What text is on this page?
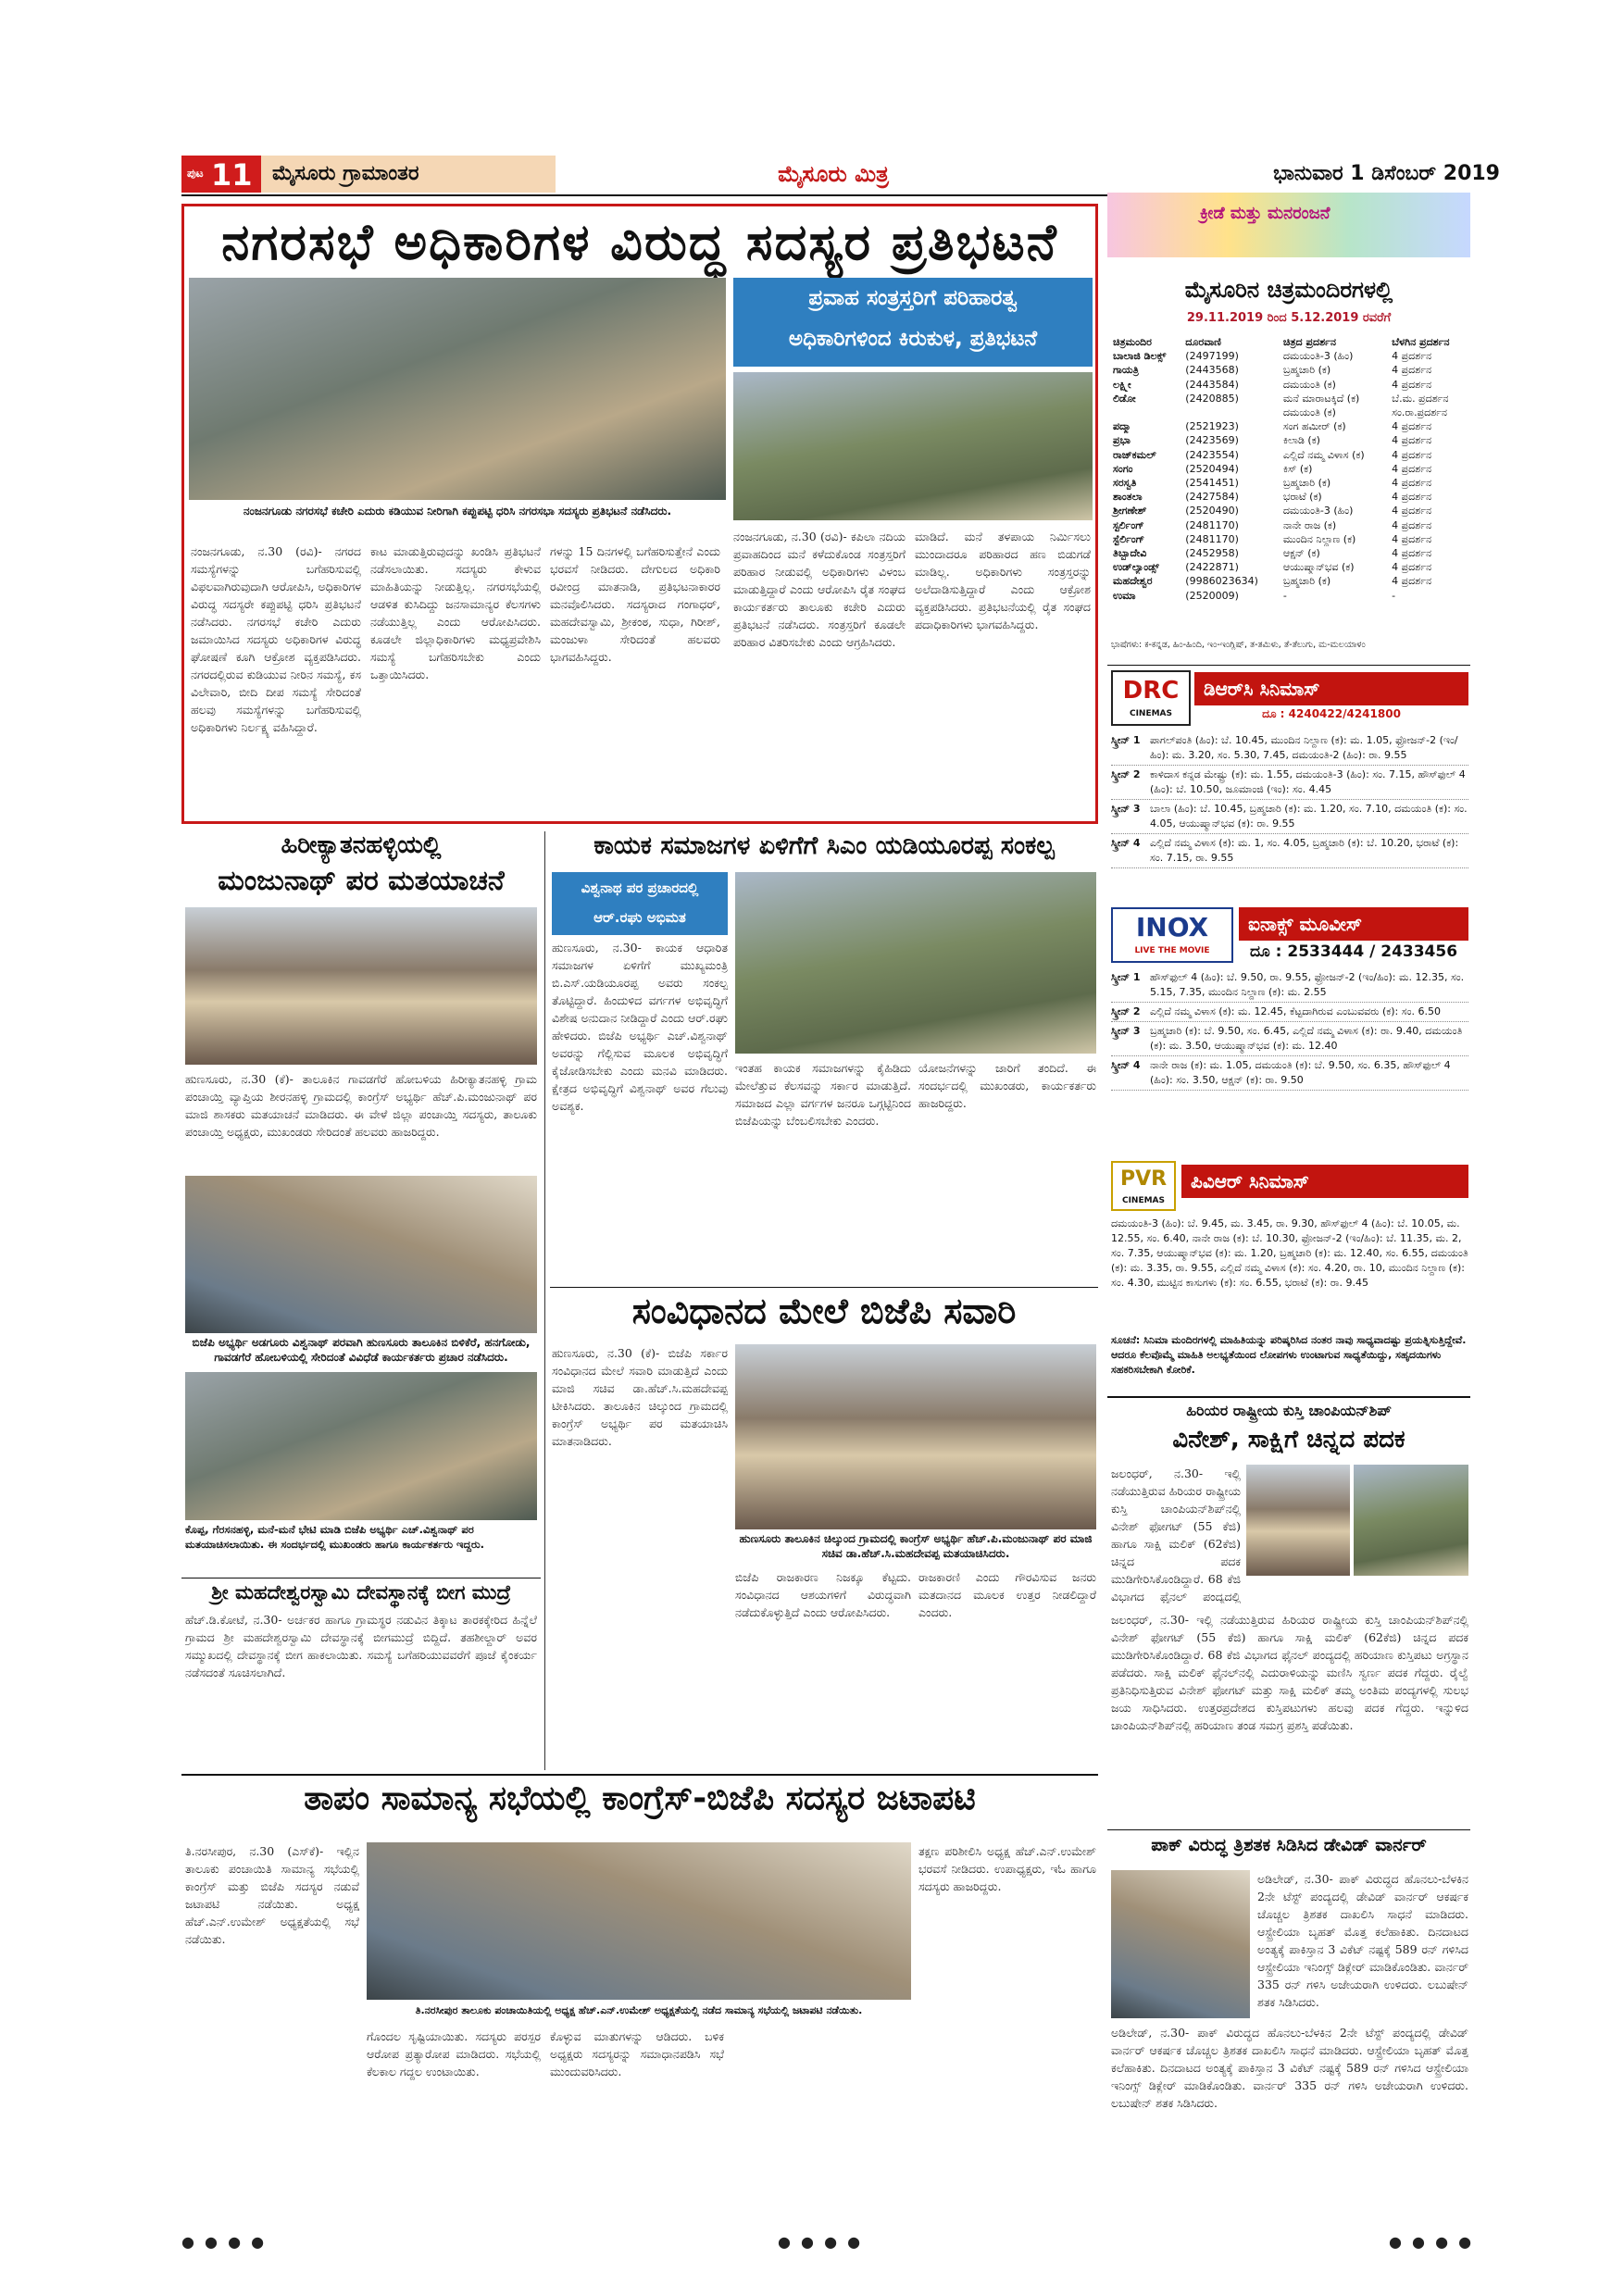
ಪುಟ 11 ಮೈಸೂರು ಗ್ರಾಮಾಂತರ	ಮೈಸೂರು ಮಿತ್ರ	ಭಾನುವಾರ 1 ಡಿಸೆಂಬರ್ 2019
ನಗರಸಭೆ ಅಧಿಕಾರಿಗಳ ವಿರುದ್ಧ ಸದಸ್ಯರ ಪ್ರತಿಭಟನೆ
ನಂಜನಗೂಡು ನಗರಸಭೆ ಕಚೇರಿ ಎದುರು ಕಡಿಯುವ ನೀರಿಗಾಗಿ ಕಪ್ಪುಪಟ್ಟಿ ಧರಿಸಿ ನಗರಸಭಾ ಸದಸ್ಯರು ಪ್ರತಿಭಟನೆ ನಡೆಸಿದರು.
ಪ್ರವಾಹ ಸಂತ್ರಸ್ತರಿಗೆ ಪರಿಹಾರತ್ವ
ಅಧಿಕಾರಿಗಳಿಂದ ಕಿರುಕುಳ, ಪ್ರತಿಭಟನೆ
ನಂಜನಗೂಡು, ನ.30 (ರವಿ)- ನಗರದ ಸಮಸ್ಯೆಗಳನ್ನು ಬಗೆಹರಿಸುವಲ್ಲಿ ವಿಫಲವಾಗಿರುವುದಾಗಿ ಆರೋಪಿಸಿ, ಅಧಿಕಾರಿಗಳ ವಿರುದ್ಧ ಸದಸ್ಯರೇ ಕಪ್ಪುಪಟ್ಟಿ ಧರಿಸಿ ಪ್ರತಿಭಟನೆ ನಡೆಸಿದರು. ನಗರಸಭೆ ಕಚೇರಿ ಎದುರು ಜಮಾಯಿಸಿದ ಸದಸ್ಯರು ಅಧಿಕಾರಿಗಳ ವಿರುದ್ಧ ಘೋಷಣೆ ಕೂಗಿ ಆಕ್ರೋಶ ವ್ಯಕ್ತಪಡಿಸಿದರು. ನಗರದಲ್ಲಿರುವ ಕುಡಿಯುವ ನೀರಿನ ಸಮಸ್ಯೆ, ಕಸ ವಿಲೇವಾರಿ, ಬೀದಿ ದೀಪ ಸಮಸ್ಯೆ ಸೇರಿದಂತೆ ಹಲವು ಸಮಸ್ಯೆಗಳನ್ನು ಬಗೆಹರಿಸುವಲ್ಲಿ ಅಧಿಕಾರಿಗಳು ನಿರ್ಲಕ್ಷ್ಯ ವಹಿಸಿದ್ದಾರೆ.
ಕಾಟ ಮಾಡುತ್ತಿರುವುದನ್ನು ಖಂಡಿಸಿ ಪ್ರತಿಭಟನೆ ನಡೆಸಲಾಯಿತು. ಸದಸ್ಯರು ಕೇಳುವ ಮಾಹಿತಿಯನ್ನು ನೀಡುತ್ತಿಲ್ಲ. ನಗರಸಭೆಯಲ್ಲಿ ಆಡಳಿತ ಕುಸಿದಿದ್ದು ಜನಸಾಮಾನ್ಯರ ಕೆಲಸಗಳು ನಡೆಯುತ್ತಿಲ್ಲ ಎಂದು ಆರೋಪಿಸಿದರು. ಕೂಡಲೇ ಜಿಲ್ಲಾಧಿಕಾರಿಗಳು ಮಧ್ಯಪ್ರವೇಶಿಸಿ ಸಮಸ್ಯೆ ಬಗೆಹರಿಸಬೇಕು ಎಂದು ಒತ್ತಾಯಿಸಿದರು.
ಗಳನ್ನು 15 ದಿನಗಳಲ್ಲಿ ಬಗೆಹರಿಸುತ್ತೇನೆ ಎಂದು ಭರವಸೆ ನೀಡಿದರು. ದೇಗುಲದ ಅಧಿಕಾರಿ ರವೀಂದ್ರ ಮಾತನಾಡಿ, ಪ್ರತಿಭಟನಾಕಾರರ ಮನವೊಲಿಸಿದರು. ಸದಸ್ಯರಾದ ಗಂಗಾಧರ್, ಮಹದೇವಸ್ವಾಮಿ, ಶ್ರೀಕಂಠ, ಸುಧಾ, ಗಿರೀಶ್, ಮಂಜುಳಾ ಸೇರಿದಂತೆ ಹಲವರು ಭಾಗವಹಿಸಿದ್ದರು.
ನಂಜನಗೂಡು, ನ.30 (ರವಿ)- ಕಪಿಲಾ ನದಿಯ ಪ್ರವಾಹದಿಂದ ಮನೆ ಕಳೆದುಕೊಂಡ ಸಂತ್ರಸ್ತರಿಗೆ ಪರಿಹಾರ ನೀಡುವಲ್ಲಿ ಅಧಿಕಾರಿಗಳು ವಿಳಂಬ ಮಾಡುತ್ತಿದ್ದಾರೆ ಎಂದು ಆರೋಪಿಸಿ ರೈತ ಸಂಘದ ಕಾರ್ಯಕರ್ತರು ತಾಲೂಕು ಕಚೇರಿ ಎದುರು ಪ್ರತಿಭಟನೆ ನಡೆಸಿದರು. ಸಂತ್ರಸ್ತರಿಗೆ ಕೂಡಲೇ ಪರಿಹಾರ ವಿತರಿಸಬೇಕು ಎಂದು ಆಗ್ರಹಿಸಿದರು.
ಮಾಡಿದೆ. ಮನೆ ತಳಪಾಯ ನಿರ್ಮಿಸಲು ಮುಂದಾದರೂ ಪರಿಹಾರದ ಹಣ ಬಿಡುಗಡೆ ಮಾಡಿಲ್ಲ. ಅಧಿಕಾರಿಗಳು ಸಂತ್ರಸ್ತರನ್ನು ಅಲೆದಾಡಿಸುತ್ತಿದ್ದಾರೆ ಎಂದು ಆಕ್ರೋಶ ವ್ಯಕ್ತಪಡಿಸಿದರು. ಪ್ರತಿಭಟನೆಯಲ್ಲಿ ರೈತ ಸಂಘದ ಪದಾಧಿಕಾರಿಗಳು ಭಾಗವಹಿಸಿದ್ದರು.
ಹಿರೀಕ್ಯಾತನಹಳ್ಳಿಯಲ್ಲಿ
ಮಂಜುನಾಥ್ ಪರ ಮತಯಾಚನೆ
ಹುಣಸೂರು, ನ.30 (ಕೆ)- ತಾಲೂಕಿನ ಗಾವಡಗೆರೆ ಹೋಬಳಿಯ ಹಿರೀಕ್ಯಾತನಹಳ್ಳಿ ಗ್ರಾಮ ಪಂಚಾಯ್ತಿ ವ್ಯಾಪ್ತಿಯ ಶೀರನಹಳ್ಳಿ ಗ್ರಾಮದಲ್ಲಿ ಕಾಂಗ್ರೆಸ್ ಅಭ್ಯರ್ಥಿ ಹೆಚ್.ಪಿ.ಮಂಜುನಾಥ್ ಪರ ಮಾಜಿ ಶಾಸಕರು ಮತಯಾಚನೆ ಮಾಡಿದರು. ಈ ವೇಳೆ ಜಿಲ್ಲಾ ಪಂಚಾಯ್ತಿ ಸದಸ್ಯರು, ತಾಲೂಕು ಪಂಚಾಯ್ತಿ ಅಧ್ಯಕ್ಷರು, ಮುಖಂಡರು ಸೇರಿದಂತೆ ಹಲವರು ಹಾಜರಿದ್ದರು.
ಬಿಜೆಪಿ ಅಭ್ಯರ್ಥಿ ಅಡಗೂರು ವಿಶ್ವನಾಥ್ ಪರವಾಗಿ ಹುಣಸೂರು ತಾಲೂಕಿನ ಬಿಳಿಕೆರೆ, ಹನಗೋಡು, ಗಾವಡಗೆರೆ ಹೋಬಳಿಯಲ್ಲಿ ಸೇರಿದಂತೆ ವಿವಿಧೆಡೆ ಕಾರ್ಯಕರ್ತರು ಪ್ರಚಾರ ನಡೆಸಿದರು.
ಕೊಪ್ಪ, ಗೆರಸನಹಳ್ಳಿ, ಮನೆ-ಮನೆ ಭೇಟಿ ಮಾಡಿ ಬಿಜೆಪಿ ಅಭ್ಯರ್ಥಿ ಎಚ್.ವಿಶ್ವನಾಥ್ ಪರ ಮತಯಾಚಿಸಲಾಯಿತು. ಈ ಸಂದರ್ಭದಲ್ಲಿ ಮುಖಂಡರು ಹಾಗೂ ಕಾರ್ಯಕರ್ತರು ಇದ್ದರು.
ಶ್ರೀ ಮಹದೇಶ್ವರಸ್ವಾಮಿ ದೇವಸ್ಥಾನಕ್ಕೆ ಬೀಗ ಮುದ್ರೆ
ಹೆಚ್.ಡಿ.ಕೋಟೆ, ನ.30- ಅರ್ಚಕರ ಹಾಗೂ ಗ್ರಾಮಸ್ಥರ ನಡುವಿನ ತಿಕ್ಕಾಟ ತಾರಕಕ್ಕೇರಿದ ಹಿನ್ನೆಲೆ ಗ್ರಾಮದ ಶ್ರೀ ಮಹದೇಶ್ವರಸ್ವಾಮಿ ದೇವಸ್ಥಾನಕ್ಕೆ ಬೀಗಮುದ್ರೆ ಬಿದ್ದಿದೆ. ತಹಶೀಲ್ದಾರ್ ಅವರ ಸಮ್ಮುಖದಲ್ಲಿ ದೇವಸ್ಥಾನಕ್ಕೆ ಬೀಗ ಹಾಕಲಾಯಿತು. ಸಮಸ್ಯೆ ಬಗೆಹರಿಯುವವರೆಗೆ ಪೂಜೆ ಕೈಂಕರ್ಯ ನಡೆಸದಂತೆ ಸೂಚಿಸಲಾಗಿದೆ.
ಕಾಯಕ ಸಮಾಜಗಳ ಏಳಿಗೆಗೆ ಸಿಎಂ ಯಡಿಯೂರಪ್ಪ ಸಂಕಲ್ಪ
ವಿಶ್ವನಾಥ ಪರ ಪ್ರಚಾರದಲ್ಲಿ
ಆರ್.ರಘು ಅಭಿಮತ
ಹುಣಸೂರು, ನ.30- ಕಾಯಕ ಆಧಾರಿತ ಸಮಾಜಗಳ ಏಳಿಗೆಗೆ ಮುಖ್ಯಮಂತ್ರಿ ಬಿ.ಎಸ್.ಯಡಿಯೂರಪ್ಪ ಅವರು ಸಂಕಲ್ಪ ತೊಟ್ಟಿದ್ದಾರೆ. ಹಿಂದುಳಿದ ವರ್ಗಗಳ ಅಭಿವೃದ್ಧಿಗೆ ವಿಶೇಷ ಅನುದಾನ ನೀಡಿದ್ದಾರೆ ಎಂದು ಆರ್.ರಘು ಹೇಳಿದರು. ಬಿಜೆಪಿ ಅಭ್ಯರ್ಥಿ ಎಚ್.ವಿಶ್ವನಾಥ್ ಅವರನ್ನು ಗೆಲ್ಲಿಸುವ ಮೂಲಕ ಅಭಿವೃದ್ಧಿಗೆ ಕೈಜೋಡಿಸಬೇಕು ಎಂದು ಮನವಿ ಮಾಡಿದರು. ಕ್ಷೇತ್ರದ ಅಭಿವೃದ್ಧಿಗೆ ವಿಶ್ವನಾಥ್ ಅವರ ಗೆಲುವು ಅವಶ್ಯಕ.
ಇಂತಹ ಕಾಯಕ ಸಮಾಜಗಳನ್ನು ಕೈಹಿಡಿದು ಮೇಲೆತ್ತುವ ಕೆಲಸವನ್ನು ಸರ್ಕಾರ ಮಾಡುತ್ತಿದೆ. ಸಮಾಜದ ಎಲ್ಲಾ ವರ್ಗಗಳ ಜನರೂ ಒಗ್ಗಟ್ಟಿನಿಂದ ಬಿಜೆಪಿಯನ್ನು ಬೆಂಬಲಿಸಬೇಕು ಎಂದರು.
ಯೋಜನೆಗಳನ್ನು ಜಾರಿಗೆ ತಂದಿದೆ. ಈ ಸಂದರ್ಭದಲ್ಲಿ ಮುಖಂಡರು, ಕಾರ್ಯಕರ್ತರು ಹಾಜರಿದ್ದರು.
ಸಂವಿಧಾನದ ಮೇಲೆ ಬಿಜೆಪಿ ಸವಾರಿ
ಹುಣಸೂರು, ನ.30 (ಕೆ)- ಬಿಜೆಪಿ ಸರ್ಕಾರ ಸಂವಿಧಾನದ ಮೇಲೆ ಸವಾರಿ ಮಾಡುತ್ತಿದೆ ಎಂದು ಮಾಜಿ ಸಚಿವ ಡಾ.ಹೆಚ್.ಸಿ.ಮಹದೇವಪ್ಪ ಟೀಕಿಸಿದರು. ತಾಲೂಕಿನ ಚಿಲ್ಕುಂದ ಗ್ರಾಮದಲ್ಲಿ ಕಾಂಗ್ರೆಸ್ ಅಭ್ಯರ್ಥಿ ಪರ ಮತಯಾಚಿಸಿ ಮಾತನಾಡಿದರು.
ಹುಣಸೂರು ತಾಲೂಕಿನ ಚಿಲ್ಕುಂದ ಗ್ರಾಮದಲ್ಲಿ ಕಾಂಗ್ರೆಸ್ ಅಭ್ಯರ್ಥಿ ಹೆಚ್.ಪಿ.ಮಂಜುನಾಥ್ ಪರ ಮಾಜಿ ಸಚಿವ ಡಾ.ಹೆಚ್.ಸಿ.ಮಹದೇವಪ್ಪ ಮತಯಾಚಿಸಿದರು.
ಬಿಜೆಪಿ ರಾಜಕಾರಣ ನಿಜಕ್ಕೂ ಕೆಟ್ಟದು. ಸಂವಿಧಾನದ ಆಶಯಗಳಿಗೆ ವಿರುದ್ಧವಾಗಿ ನಡೆದುಕೊಳ್ಳುತ್ತಿದೆ ಎಂದು ಆರೋಪಿಸಿದರು.
ರಾಜಕಾರಣಿ ಎಂದು ಗೌರವಿಸುವ ಜನರು ಮತದಾನದ ಮೂಲಕ ಉತ್ತರ ನೀಡಲಿದ್ದಾರೆ ಎಂದರು.
ತಾಪಂ ಸಾಮಾನ್ಯ ಸಭೆಯಲ್ಲಿ ಕಾಂಗ್ರೆಸ್-ಬಿಜೆಪಿ ಸದಸ್ಯರ ಜಟಾಪಟಿ
ತಿ.ನರಸೀಪುರ, ನ.30 (ಎಸ್‌ಕೆ)- ಇಲ್ಲಿನ ತಾಲೂಕು ಪಂಚಾಯಿತಿ ಸಾಮಾನ್ಯ ಸಭೆಯಲ್ಲಿ ಕಾಂಗ್ರೆಸ್ ಮತ್ತು ಬಿಜೆಪಿ ಸದಸ್ಯರ ನಡುವೆ ಜಟಾಪಟಿ ನಡೆಯಿತು. ಅಧ್ಯಕ್ಷ ಹೆಚ್.ಎನ್.ಉಮೇಶ್ ಅಧ್ಯಕ್ಷತೆಯಲ್ಲಿ ಸಭೆ ನಡೆಯಿತು.
ತಿ.ನರಸೀಪುರ ತಾಲೂಕು ಪಂಚಾಯಿತಿಯಲ್ಲಿ ಅಧ್ಯಕ್ಷ ಹೆಚ್.ಎನ್.ಉಮೇಶ್ ಅಧ್ಯಕ್ಷತೆಯಲ್ಲಿ ನಡೆದ ಸಾಮಾನ್ಯ ಸಭೆಯಲ್ಲಿ ಜಟಾಪಟಿ ನಡೆಯಿತು.
ಗೊಂದಲ ಸೃಷ್ಟಿಯಾಯಿತು. ಸದಸ್ಯರು ಪರಸ್ಪರ ಆರೋಪ ಪ್ರತ್ಯಾರೋಪ ಮಾಡಿದರು. ಸಭೆಯಲ್ಲಿ ಕೆಲಕಾಲ ಗದ್ದಲ ಉಂಟಾಯಿತು.
ಕೊಳ್ಳುವ ಮಾತುಗಳನ್ನು ಆಡಿದರು. ಬಳಿಕ ಅಧ್ಯಕ್ಷರು ಸದಸ್ಯರನ್ನು ಸಮಾಧಾನಪಡಿಸಿ ಸಭೆ ಮುಂದುವರಿಸಿದರು.
ತಕ್ಷಣ ಪರಿಶೀಲಿಸಿ ಅಧ್ಯಕ್ಷ ಹೆಚ್.ಎನ್.ಉಮೇಶ್ ಭರವಸೆ ನೀಡಿದರು. ಉಪಾಧ್ಯಕ್ಷರು, ಇಓ ಹಾಗೂ ಸದಸ್ಯರು ಹಾಜರಿದ್ದರು.
ಕ್ರೀಡೆ ಮತ್ತು ಮನರಂಜನೆ
ಮೈಸೂರಿನ ಚಿತ್ರಮಂದಿರಗಳಲ್ಲಿ
29.11.2019 ರಿಂದ 5.12.2019 ರವರೆಗೆ
ಚಿತ್ರಮಂದಿರ	ದೂರವಾಣಿ	ಚಿತ್ರದ ಪ್ರದರ್ಶನ	ಬೆಳಗಿನ ಪ್ರದರ್ಶನ
ಬಾಲಾಜಿ ಡಿಲಕ್ಸ್	(2497199)	ದಮಯಂತಿ-3 (ಹಿಂ)	4 ಪ್ರದರ್ಶನ
ಗಾಯತ್ರಿ	(2443568)	ಬ್ರಹ್ಮಚಾರಿ (ಕ)	4 ಪ್ರದರ್ಶನ
ಲಕ್ಷ್ಮೀ	(2443584)	ದಮಯಂತಿ (ಕ)	4 ಪ್ರದರ್ಶನ
ಲಿಡೋ	(2420885)	ಮನೆ ಮಾರಾಟಕ್ಕಿದೆ (ಕ)	ಬೆ.ಮ. ಪ್ರದರ್ಶನ
		ದಮಯಂತಿ (ಕ)	ಸಂ.ರಾ.ಪ್ರದರ್ಶನ
ಪದ್ಮಾ	(2521923)	ಸಂಗ ಹಮೀರ್ (ಕ)	4 ಪ್ರದರ್ಶನ
ಪ್ರಭಾ	(2423569)	ಕಿಲಾಡಿ (ಕ)	4 ಪ್ರದರ್ಶನ
ರಾಜ್‌ಕಮಲ್	(2423554)	ಎಲ್ಲಿದೆ ನಮ್ಮ ವಿಳಾಸ (ಕ)	4 ಪ್ರದರ್ಶನ
ಸಂಗಂ	(2520494)	ಕಿಸ್ (ಕ)	4 ಪ್ರದರ್ಶನ
ಸರಸ್ವತಿ	(2541451)	ಬ್ರಹ್ಮಚಾರಿ (ಕ)	4 ಪ್ರದರ್ಶನ
ಶಾಂತಲಾ	(2427584)	ಭರಾಟೆ (ಕ)	4 ಪ್ರದರ್ಶನ
ಶ್ರೀಗಣೇಶ್	(2520490)	ದಮಯಂತಿ-3 (ಹಿಂ)	4 ಪ್ರದರ್ಶನ
ಸ್ಟರ್ಲಿಂಗ್	(2481170)	ನಾನೇ ರಾಜ (ಕ)	4 ಪ್ರದರ್ಶನ
ಸ್ಟೆರ್ಲಿಂಗ್	(2481170)	ಮುಂದಿನ ನಿಲ್ದಾಣ (ಕ)	4 ಪ್ರದರ್ಶನ
ತಿಬ್ಬಾದೇವಿ	(2452958)	ಆಕ್ಷನ್ (ಕ)	4 ಪ್ರದರ್ಶನ
ಉಡ್‌ಲ್ಯಾಂಡ್ಸ್	(2422871)	ಆಯುಷ್ಮಾನ್‌ಭವ (ಕ)	4 ಪ್ರದರ್ಶನ
ಮಹದೇಶ್ವರ	(9986023634)	ಬ್ರಹ್ಮಚಾರಿ (ಕ)	4 ಪ್ರದರ್ಶನ
ಉಮಾ	(2520009)	-	-
ಭಾಷೆಗಳು: ಕ-ಕನ್ನಡ, ಹಿಂ-ಹಿಂದಿ, ಇಂ-ಇಂಗ್ಲಿಷ್, ತ-ತಮಿಳು, ತೆ-ತೆಲುಗು, ಮ-ಮಲಯಾಳಂ
DRC
CINEMAS
ಡಿಆರ್‌ಸಿ ಸಿನಿಮಾಸ್
ದೂ : 4240422/4241800
ಸ್ಕ್ರೀನ್ 1 ಪಾಗಲ್‌ಪಂತಿ (ಹಿಂ): ಬೆ. 10.45, ಮುಂದಿನ ನಿಲ್ದಾಣ (ಕ): ಮ. 1.05, ಫ್ರೋಜನ್-2 (ಇಂ/ಹಿಂ): ಮ. 3.20, ಸಂ. 5.30, 7.45, ದಮಯಂತಿ-2 (ಹಿಂ): ರಾ. 9.55
ಸ್ಕ್ರೀನ್ 2 ಕಾಳಿದಾಸ ಕನ್ನಡ ಮೇಷ್ಟ್ರು (ಕ): ಮ. 1.55, ದಮಯಂತಿ-3 (ಹಿಂ): ಸಂ. 7.15, ಹೌಸ್‌ಫುಲ್ 4 (ಹಿಂ): ಬೆ. 10.50, ಜೂಮಾಂಜಿ (ಇಂ): ಸಂ. 4.45
ಸ್ಕ್ರೀನ್ 3 ಬಾಲಾ (ಹಿಂ): ಬೆ. 10.45, ಬ್ರಹ್ಮಚಾರಿ (ಕ): ಮ. 1.20, ಸಂ. 7.10, ದಮಯಂತಿ (ಕ): ಸಂ. 4.05, ಆಯುಷ್ಮಾನ್‌ಭವ (ಕ): ರಾ. 9.55
ಸ್ಕ್ರೀನ್ 4 ಎಲ್ಲಿದೆ ನಮ್ಮ ವಿಳಾಸ (ಕ): ಮ. 1, ಸಂ. 4.05, ಬ್ರಹ್ಮಚಾರಿ (ಕ): ಬೆ. 10.20, ಭರಾಟೆ (ಕ): ಸಂ. 7.15, ರಾ. 9.55
INOX
LIVE THE MOVIE
ಐನಾಕ್ಸ್ ಮೂವೀಸ್
ದೂ : 2533444 / 2433456
ಸ್ಕ್ರೀನ್ 1 ಹೌಸ್‌ಫುಲ್ 4 (ಹಿಂ): ಬೆ. 9.50, ರಾ. 9.55, ಫ್ರೋಜನ್-2 (ಇಂ/ಹಿಂ): ಮ. 12.35, ಸಂ. 5.15, 7.35, ಮುಂದಿನ ನಿಲ್ದಾಣ (ಕ): ಮ. 2.55
ಸ್ಕ್ರೀನ್ 2 ಎಲ್ಲಿದೆ ನಮ್ಮ ವಿಳಾಸ (ಕ): ಮ. 12.45, ಕೆಟ್ಟದಾಗಿರುವ ಎಂಬುವವರು (ಕ): ಸಂ. 6.50
ಸ್ಕ್ರೀನ್ 3 ಬ್ರಹ್ಮಚಾರಿ (ಕ): ಬೆ. 9.50, ಸಂ. 6.45, ಎಲ್ಲಿದೆ ನಮ್ಮ ವಿಳಾಸ (ಕ): ರಾ. 9.40, ದಮಯಂತಿ (ಕ): ಮ. 3.50, ಆಯುಷ್ಮಾನ್‌ಭವ (ಕ): ಮ. 12.40
ಸ್ಕ್ರೀನ್ 4 ನಾನೇ ರಾಜ (ಕ): ಮ. 1.05, ದಮಯಂತಿ (ಕ): ಬೆ. 9.50, ಸಂ. 6.35, ಹೌಸ್‌ಫುಲ್ 4 (ಹಿಂ): ಸಂ. 3.50, ಆಕ್ಷನ್ (ಕ): ರಾ. 9.50
PVR
CINEMAS
ಪಿವಿಆರ್ ಸಿನಿಮಾಸ್
ದಮಯಂತಿ-3 (ಹಿಂ): ಬೆ. 9.45, ಮ. 3.45, ರಾ. 9.30, ಹೌಸ್‌ಫುಲ್ 4 (ಹಿಂ): ಬೆ. 10.05, ಮ. 12.55, ಸಂ. 6.40, ನಾನೇ ರಾಜ (ಕ): ಬೆ. 10.30, ಫ್ರೋಜನ್-2 (ಇಂ/ಹಿಂ): ಬೆ. 11.35, ಮ. 2, ಸಂ. 7.35, ಆಯುಷ್ಮಾನ್‌ಭವ (ಕ): ಮ. 1.20, ಬ್ರಹ್ಮಚಾರಿ (ಕ): ಮ. 12.40, ಸಂ. 6.55, ದಮಯಂತಿ (ಕ): ಮ. 3.35, ರಾ. 9.55, ಎಲ್ಲಿದೆ ನಮ್ಮ ವಿಳಾಸ (ಕ): ಸಂ. 4.20, ರಾ. 10, ಮುಂದಿನ ನಿಲ್ದಾಣ (ಕ): ಸಂ. 4.30, ಮುಟ್ಟಿನ ಕಾಸುಗಳು (ಕ): ಸಂ. 6.55, ಭರಾಟೆ (ಕ): ರಾ. 9.45
ಸೂಚನೆ: ಸಿನಿಮಾ ಮಂದಿರಗಳಲ್ಲಿ ಮಾಹಿತಿಯನ್ನು ಪರಿಷ್ಕರಿಸಿದ ನಂತರ ನಾವು ಸಾಧ್ಯವಾದಷ್ಟು ಪ್ರಯತ್ನಿಸುತ್ತಿದ್ದೇವೆ. ಆದರೂ ಕೆಲವೊಮ್ಮೆ ಮಾಹಿತಿ ಅಲಭ್ಯತೆಯಿಂದ ಲೋಪಗಳು ಉಂಟಾಗುವ ಸಾಧ್ಯತೆಯಿದ್ದು, ಸಹೃದಯಿಗಳು ಸಹಕರಿಸಬೇಕಾಗಿ ಕೋರಿಕೆ.
ಹಿರಿಯರ ರಾಷ್ಟ್ರೀಯ ಕುಸ್ತಿ ಚಾಂಪಿಯನ್‌ಶಿಪ್
ವಿನೇಶ್, ಸಾಕ್ಷಿಗೆ ಚಿನ್ನದ ಪದಕ
ಜಲಂಧರ್, ನ.30- ಇಲ್ಲಿ ನಡೆಯುತ್ತಿರುವ ಹಿರಿಯರ ರಾಷ್ಟ್ರೀಯ ಕುಸ್ತಿ ಚಾಂಪಿಯನ್‌ಶಿಪ್‌ನಲ್ಲಿ ವಿನೇಶ್ ಫೋಗಟ್ (55 ಕೆಜಿ) ಹಾಗೂ ಸಾಕ್ಷಿ ಮಲಿಕ್ (62ಕೆಜಿ) ಚಿನ್ನದ ಪದಕ ಮುಡಿಗೇರಿಸಿಕೊಂಡಿದ್ದಾರೆ. 68 ಕೆಜಿ ವಿಭಾಗದ ಫೈನಲ್ ಪಂದ್ಯದಲ್ಲಿ
ಜಲಂಧರ್, ನ.30- ಇಲ್ಲಿ ನಡೆಯುತ್ತಿರುವ ಹಿರಿಯರ ರಾಷ್ಟ್ರೀಯ ಕುಸ್ತಿ ಚಾಂಪಿಯನ್‌ಶಿಪ್‌ನಲ್ಲಿ ವಿನೇಶ್ ಫೋಗಟ್ (55 ಕೆಜಿ) ಹಾಗೂ ಸಾಕ್ಷಿ ಮಲಿಕ್ (62ಕೆಜಿ) ಚಿನ್ನದ ಪದಕ ಮುಡಿಗೇರಿಸಿಕೊಂಡಿದ್ದಾರೆ. 68 ಕೆಜಿ ವಿಭಾಗದ ಫೈನಲ್ ಪಂದ್ಯದಲ್ಲಿ ಹರಿಯಾಣ ಕುಸ್ತಿಪಟು ಅಗ್ರಸ್ಥಾನ ಪಡೆದರು. ಸಾಕ್ಷಿ ಮಲಿಕ್ ಫೈನಲ್‌ನಲ್ಲಿ ಎದುರಾಳಿಯನ್ನು ಮಣಿಸಿ ಸ್ವರ್ಣ ಪದಕ ಗೆದ್ದರು. ರೈಲ್ವೆ ಪ್ರತಿನಿಧಿಸುತ್ತಿರುವ ವಿನೇಶ್ ಫೋಗಟ್ ಮತ್ತು ಸಾಕ್ಷಿ ಮಲಿಕ್ ತಮ್ಮ ಅಂತಿಮ ಪಂದ್ಯಗಳಲ್ಲಿ ಸುಲಭ ಜಯ ಸಾಧಿಸಿದರು. ಉತ್ತರಪ್ರದೇಶದ ಕುಸ್ತಿಪಟುಗಳು ಹಲವು ಪದಕ ಗೆದ್ದರು. ಇನ್ನುಳಿದ ಚಾಂಪಿಯನ್‌ಶಿಪ್‌ನಲ್ಲಿ ಹರಿಯಾಣ ತಂಡ ಸಮಗ್ರ ಪ್ರಶಸ್ತಿ ಪಡೆಯಿತು.
ಪಾಕ್ ವಿರುದ್ಧ ತ್ರಿಶತಕ ಸಿಡಿಸಿದ ಡೇವಿಡ್ ವಾರ್ನರ್
ಅಡಿಲೇಡ್, ನ.30- ಪಾಕ್ ವಿರುದ್ಧದ ಹೊನಲು-ಬೆಳಕಿನ 2ನೇ ಟೆಸ್ಟ್ ಪಂದ್ಯದಲ್ಲಿ ಡೇವಿಡ್ ವಾರ್ನರ್ ಆಕರ್ಷಕ ಚೊಚ್ಚಲ ತ್ರಿಶತಕ ದಾಖಲಿಸಿ ಸಾಧನೆ ಮಾಡಿದರು. ಆಸ್ಟ್ರೇಲಿಯಾ ಬೃಹತ್ ಮೊತ್ತ ಕಲೆಹಾಕಿತು. ದಿನದಾಟದ ಅಂತ್ಯಕ್ಕೆ ಪಾಕಿಸ್ತಾನ 3 ವಿಕೆಟ್ ನಷ್ಟಕ್ಕೆ 589 ರನ್ ಗಳಿಸಿದ ಆಸ್ಟ್ರೇಲಿಯಾ ಇನಿಂಗ್ಸ್ ಡಿಕ್ಲೇರ್ ಮಾಡಿಕೊಂಡಿತು. ವಾರ್ನರ್ 335 ರನ್ ಗಳಿಸಿ ಅಜೇಯರಾಗಿ ಉಳಿದರು. ಲಬುಷೇನ್ ಶತಕ ಸಿಡಿಸಿದರು.
ಅಡಿಲೇಡ್, ನ.30- ಪಾಕ್ ವಿರುದ್ಧದ ಹೊನಲು-ಬೆಳಕಿನ 2ನೇ ಟೆಸ್ಟ್ ಪಂದ್ಯದಲ್ಲಿ ಡೇವಿಡ್ ವಾರ್ನರ್ ಆಕರ್ಷಕ ಚೊಚ್ಚಲ ತ್ರಿಶತಕ ದಾಖಲಿಸಿ ಸಾಧನೆ ಮಾಡಿದರು. ಆಸ್ಟ್ರೇಲಿಯಾ ಬೃಹತ್ ಮೊತ್ತ ಕಲೆಹಾಕಿತು. ದಿನದಾಟದ ಅಂತ್ಯಕ್ಕೆ ಪಾಕಿಸ್ತಾನ 3 ವಿಕೆಟ್ ನಷ್ಟಕ್ಕೆ 589 ರನ್ ಗಳಿಸಿದ ಆಸ್ಟ್ರೇಲಿಯಾ ಇನಿಂಗ್ಸ್ ಡಿಕ್ಲೇರ್ ಮಾಡಿಕೊಂಡಿತು. ವಾರ್ನರ್ 335 ರನ್ ಗಳಿಸಿ ಅಜೇಯರಾಗಿ ಉಳಿದರು. ಲಬುಷೇನ್ ಶತಕ ಸಿಡಿಸಿದರು.
● ● ● ●	● ● ● ●	● ● ● ●
